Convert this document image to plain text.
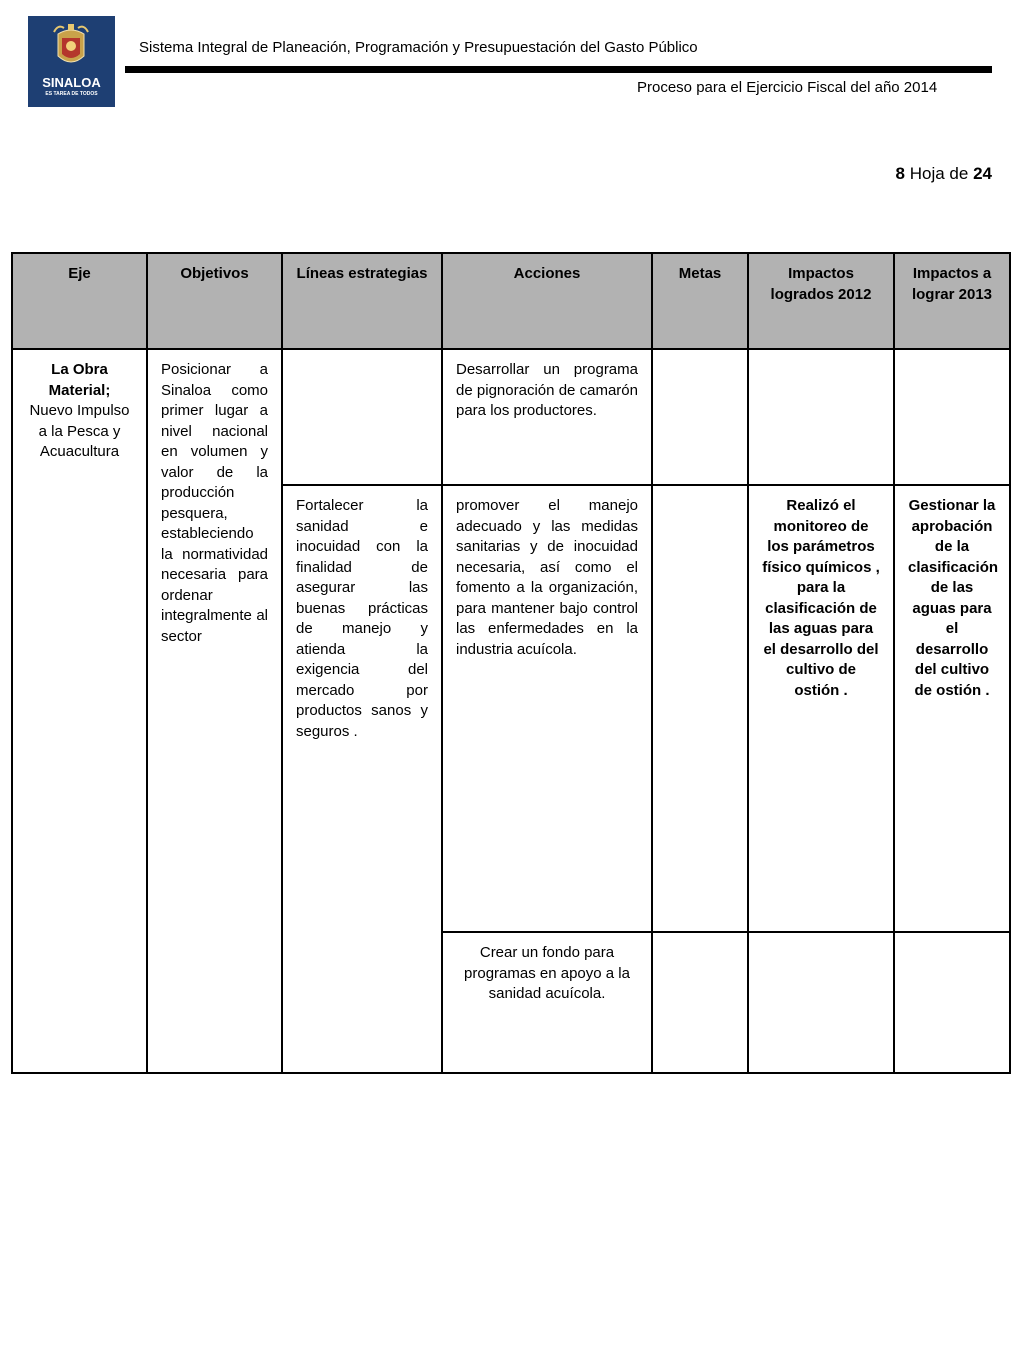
SINALOA
ES TAREA DE TODOS
Sistema Integral de Planeación, Programación y Presupuestación del Gasto Público
Proceso para el Ejercicio Fiscal del año 2014
8 Hoja de 24
Eje	Objetivos	Líneas estrategias	Acciones	Metas	Impactos logrados 2012	Impactos a lograr 2013

La Obra Material;
Nuevo Impulso a la Pesca y Acuacultura	Posicionar a Sinaloa como primer lugar a nivel nacional en volumen y valor de la producción pesquera, estableciendo la normatividad necesaria para ordenar integralmente al sector		Desarrollar un programa de pignoración de camarón para los productores.			
		Fortalecer la sanidad e inocuidad con la finalidad de asegurar las buenas prácticas de manejo y atienda la exigencia del mercado por productos sanos y seguros .	promover el manejo adecuado y las medidas sanitarias y de inocuidad necesaria, así como el fomento a la organización, para mantener bajo control las enfermedades en la industria acuícola.		Realizó el monitoreo de los parámetros físico químicos , para la clasificación de las aguas para el desarrollo del cultivo de ostión .	Gestionar la aprobación de la clasificación de las aguas para el desarrollo del cultivo de ostión .
			Crear un fondo para programas en apoyo a la sanidad acuícola.			
